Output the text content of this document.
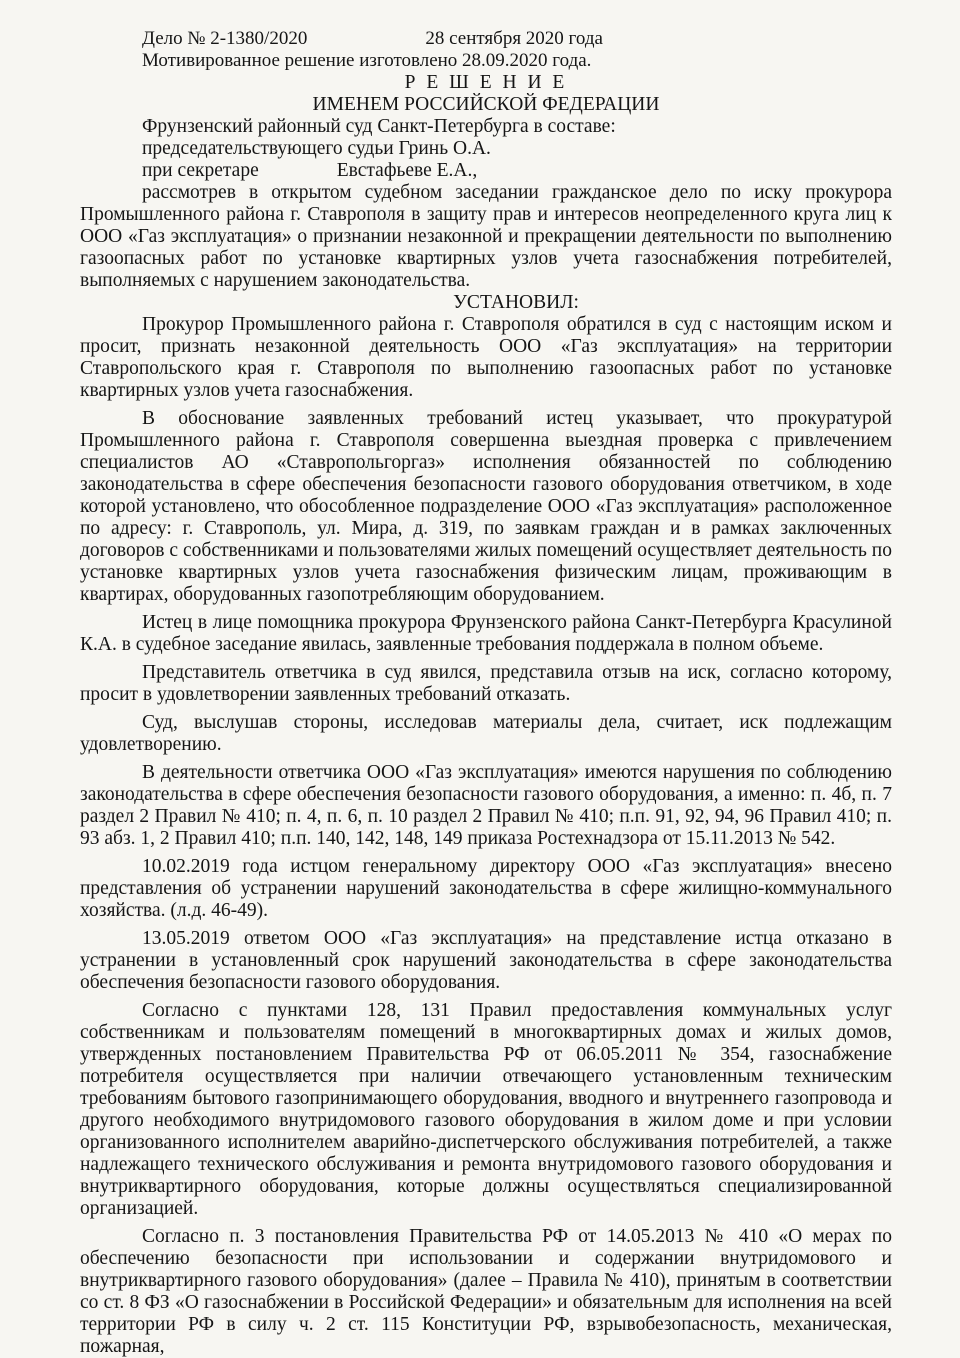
Дело № 2-1380/2020	28 сентября 2020 года
Мотивированное решение изготовлено 28.09.2020 года.
Р Е Ш Е Н И Е
ИМЕНЕМ РОССИЙСКОЙ ФЕДЕРАЦИИ
Фрунзенский районный суд Санкт-Петербурга в составе:
председательствующего судьи Гринь О.А.
при секретаре	Евстафьеве Е.А.,

рассмотрев в открытом судебном заседании гражданское дело по иску прокурора Промышленного района г. Ставрополя в защиту прав и интересов неопределенного круга лиц к ООО «Газ эксплуатация» о признании незаконной и прекращении деятельности по выполнению газоопасных работ по установке квартирных узлов учета газоснабжения потребителей, выполняемых с нарушением законодательства.

УСТАНОВИЛ:

Прокурор Промышленного района г. Ставрополя обратился в суд с настоящим иском и просит, признать незаконной деятельность ООО «Газ эксплуатация» на территории Ставропольского края г. Ставрополя по выполнению газоопасных работ по установке квартирных узлов учета газоснабжения.

В обоснование заявленных требований истец указывает, что прокуратурой Промышленного района г. Ставрополя совершенна выездная проверка с привлечением специалистов АО «Ставропольгоргаз» исполнения обязанностей по соблюдению законодательства в сфере обеспечения безопасности газового оборудования ответчиком, в ходе которой установлено, что обособленное подразделение ООО «Газ эксплуатация» расположенное по адресу: г. Ставрополь, ул. Мира, д. 319, по заявкам граждан и в рамках заключенных договоров с собственниками и пользователями жилых помещений осуществляет деятельность по установке квартирных узлов учета газоснабжения физическим лицам, проживающим в квартирах, оборудованных газопотребляющим оборудованием.

Истец в лице помощника прокурора Фрунзенского района Санкт-Петербурга Красулиной К.А. в судебное заседание явилась, заявленные требования поддержала в полном объеме.

Представитель ответчика в суд явился, представила отзыв на иск, согласно которому, просит в удовлетворении заявленных требований отказать.

Суд, выслушав стороны, исследовав материалы дела, считает, иск подлежащим удовлетворению.

В деятельности ответчика ООО «Газ эксплуатация» имеются нарушения по соблюдению законодательства в сфере обеспечения безопасности газового оборудования, а именно: п. 4б, п. 7 раздел 2 Правил № 410; п. 4, п. 6, п. 10 раздел 2 Правил № 410; п.п. 91, 92, 94, 96 Правил 410; п. 93 абз. 1, 2 Правил 410; п.п. 140, 142, 148, 149 приказа Ростехнадзора от 15.11.2013 № 542.

10.02.2019 года истцом генеральному директору ООО «Газ эксплуатация» внесено представления об устранении нарушений законодательства в сфере жилищно-коммунального хозяйства. (л.д. 46-49).

13.05.2019 ответом ООО «Газ эксплуатация» на представление истца отказано в устранении в установленный срок нарушений законодательства в сфере законодательства обеспечения безопасности газового оборудования.

Согласно с пунктами 128, 131 Правил предоставления коммунальных услуг собственникам и пользователям помещений в многоквартирных домах и жилых домов, утвержденных постановлением Правительства РФ от 06.05.2011 № 354, газоснабжение потребителя осуществляется при наличии отвечающего установленным техническим требованиям бытового газопринимающего оборудования, вводного и внутреннего газопровода и другого необходимого внутридомового газового оборудования в жилом доме и при условии организованного исполнителем аварийно-диспетчерского обслуживания потребителей, а также надлежащего технического обслуживания и ремонта внутридомового газового оборудования и внутриквартирного оборудования, которые должны осуществляться специализированной организацией.

Согласно п. 3 постановления Правительства РФ от 14.05.2013 № 410 «О мерах по обеспечению безопасности при использовании и содержании внутридомового и внутриквартирного газового оборудования» (далее – Правила № 410), принятым в соответствии со ст. 8 ФЗ «О газоснабжении в Российской Федерации» и обязательным для исполнения на всей территории РФ в силу ч. 2 ст. 115 Конституции РФ, взрывобезопасность, механическая, пожарная,
